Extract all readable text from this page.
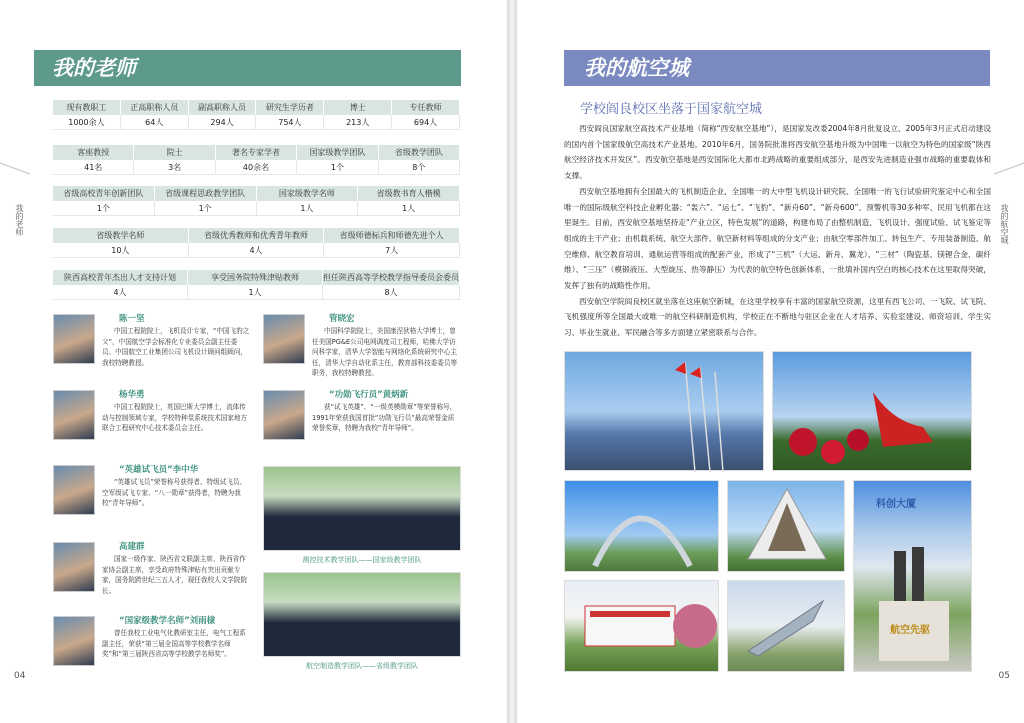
我的老师
我的老师
04
现有教职工
1000余人
正高职称人员
64人
副高职称人员
294人
研究生学历者
754人
博士
213人
专任教师
694人
客座教授
41名
院士
3名
著名专家学者
40余名
国家级教学团队
1个
省级教学团队
8个
省级高校青年创新团队
1个
省级课程思政教学团队
1个
国家级教学名师
1人
省级教书育人楷模
1人
省级教学名师
10人
省级优秀教师和优秀青年教师
4人
省级师德标兵和师德先进个人
7人
陕西高校青年杰出人才支持计划
4人
享受国务院特殊津贴教师
1人
担任陕西高等学校教学指导委员会委员
8人
陈一坚
中国工程院院士，飞机设计专家，“中国飞豹之父”，中国航空学会标准化专业委员会副主任委员、中国航空工业集团公司飞机设计顾问组顾问，我校特聘教授。
管晓宏
中国科学院院士，美国康涅狄格大学博士，曾任美国PG&E公司电网调度司工程师，哈佛大学访问科学家，清华大学智能与网络化系统研究中心主任，清华大学自动化系主任，教育部科技委委员等职务，我校特聘教授。
杨华勇
中国工程院院士，英国巴斯大学博士，流体传动与控制领域专家，学校特种泵系统技术国家地方联合工程研究中心技术委员会主任。
“功勋飞行员”黄炳新
获“试飞英雄”、“一级英模勋章”等荣誉称号，1991年荣获我国首批“功勋飞行员”最高荣誉金质荣誉奖章，特聘为我校“青年导师”。
“英雄试飞员”李中华
“英雄试飞员”荣誉称号获得者、特级试飞员、空军级试飞专家、“八一勋章”获得者，特聘为我校“青年导师”。
高建群
国家一级作家、陕西省文联副主席、陕西省作家协会副主席，享受政府特殊津贴有突出贡献专家，国务院跨世纪三五人才，现任我校人文学院院长。
“国家级教学名师”刘雨棣
曾任我校工业电气化教研室主任，电气工程系副主任，荣获“第三届全国高等学校教学名师奖”和“第三届陕西省高等学校教学名师奖”。
测控技术教学团队——国家级教学团队
航空制造教学团队——省级教学团队
我的航空城
我的航空城
05
学校阎良校区坐落于国家航空城

西安阎良国家航空高技术产业基地（简称“西安航空基地”），是国家发改委2004年8月批复设立、2005年3月正式启动建设的国内首个国家级航空高技术产业基地。2010年6月，国务院批准将西安航空基地升级为中国唯一以航空为特色的国家级“陕西航空经济技术开发区”。西安航空基地是西安国际化大都市北跨战略的重要组成部分，是西安先进制造业强市战略的重要载体和支撑。

西安航空基地拥有全国最大的飞机制造企业、全国唯一的大中型飞机设计研究院、全国唯一的飞行试验研究鉴定中心和全国唯一的国际级航空科技企业孵化器；“轰六”、“运七”、“飞豹”、“新舟60”、“新舟600”、预警机等30多种军、民用飞机都在这里诞生。目前，西安航空基地坚持走“产业立区，特色发展”的道路，构建布局了由整机制造、飞机设计、强度试验、试飞鉴定等组成的主干产业；由机载系统、航空大部件、航空新材料等组成的分支产业；由航空零部件加工、转包生产、专用装备制造、航空维修、航空教育培训、通航运营等组成的配套产业，形成了“三机”（大运、新舟、翼龙）、“三材”（陶瓷基、镁锂合金、碳纤维）、“三压”（模锻液压、大型旋压、热等静压）为代表的航空特色创新体系，一批填补国内空白的核心技术在这里取得突破，发挥了独有的战略性作用。

西安航空学院阎良校区就坐落在这座航空新城，在这里学校享有丰富的国家航空资源，这里有西飞公司、一飞院、试飞院、飞机强度所等全国最大或唯一的航空科研制造机构，学校正在不断地与驻区企业在人才培养、实验室建设、师资培训、学生实习、毕业生就业、军民融合等多方面建立紧密联系与合作。

科创大厦
航空先驱
